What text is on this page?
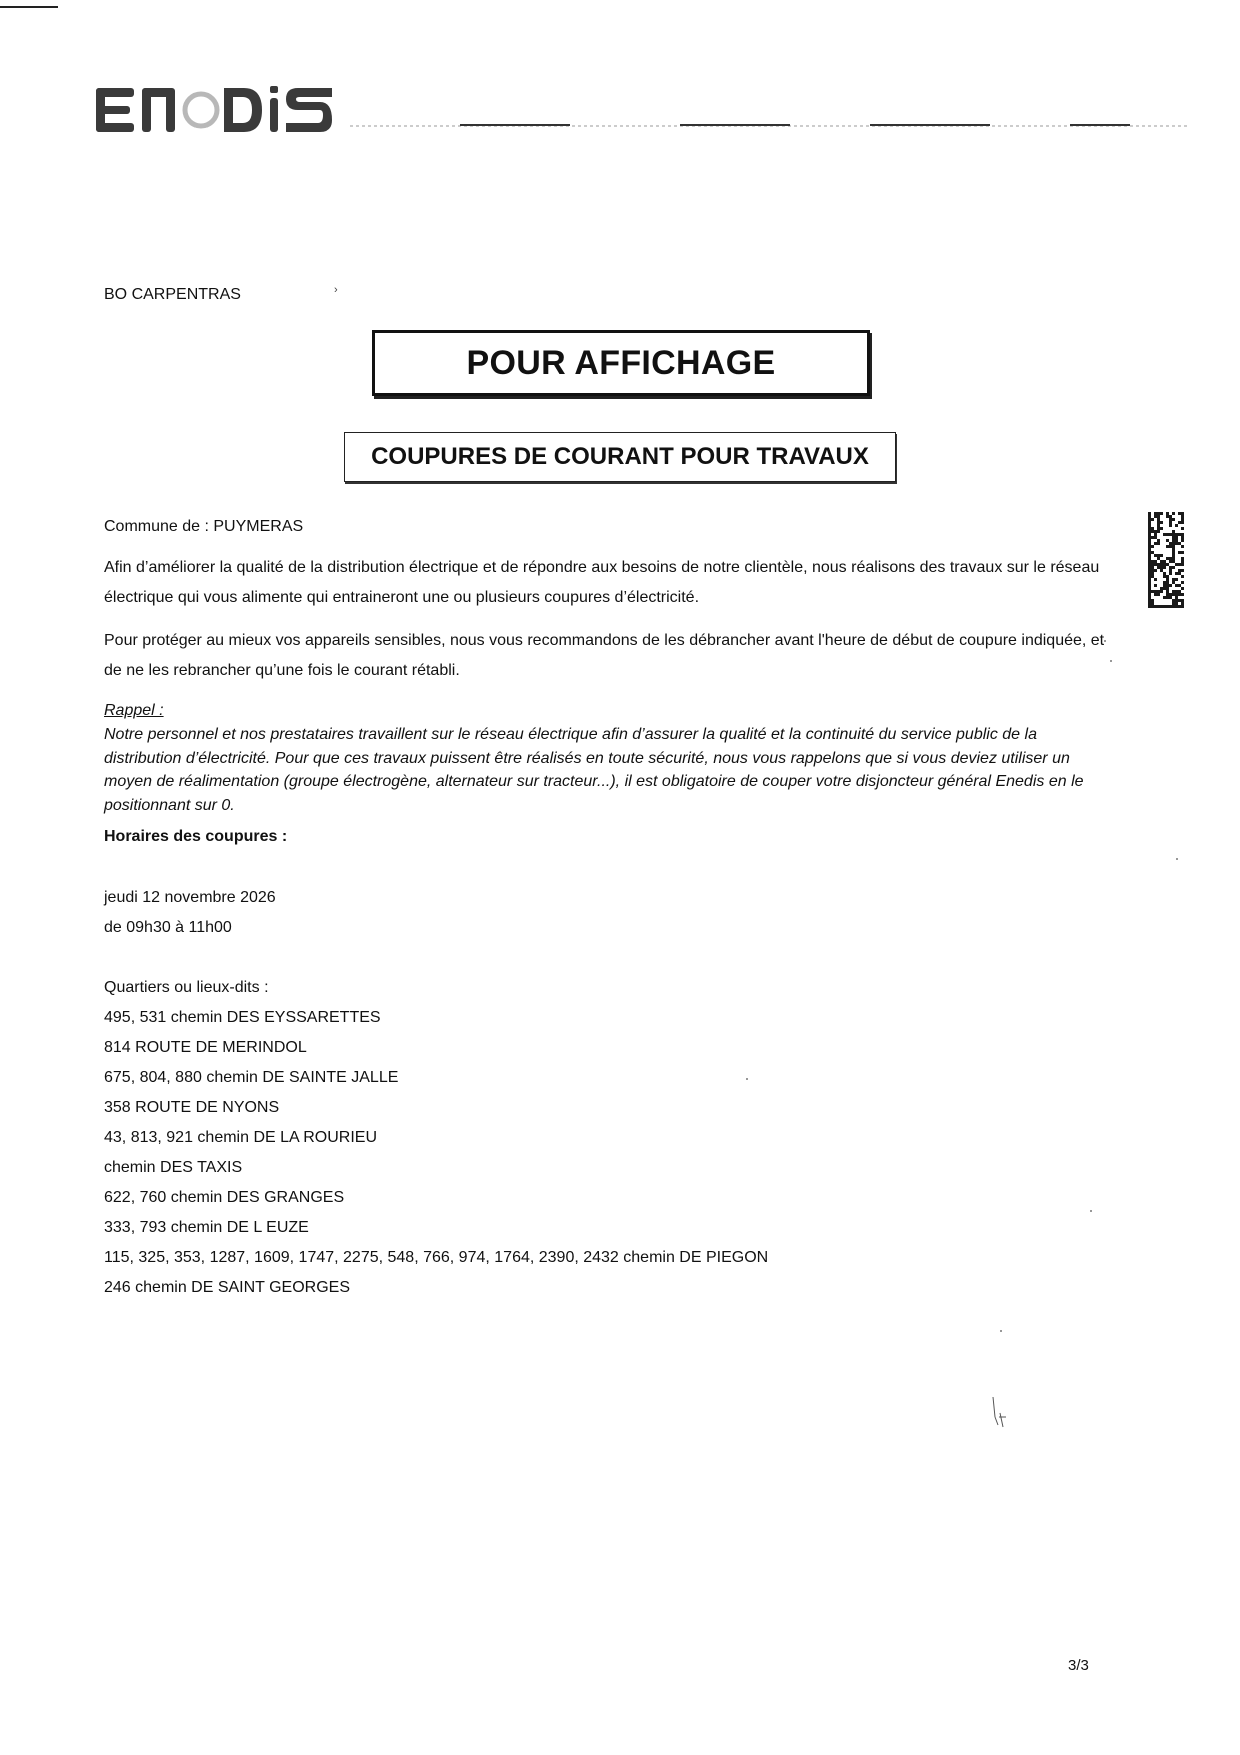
BO CARPENTRAS	›
POUR AFFICHAGE
COUPURES DE COURANT POUR TRAVAUX
Commune de : PUYMERAS
Afin d’améliorer la qualité de la distribution électrique et de répondre aux besoins de notre clientèle, nous réalisons des travaux sur le réseau électrique qui vous alimente qui entraineront une ou plusieurs coupures d’électricité.
Pour protéger au mieux vos appareils sensibles, nous vous recommandons de les débrancher avant l'heure de début de coupure indiquée, et de ne les rebrancher qu’une fois le courant rétabli.
Rappel :
Notre personnel et nos prestataires travaillent sur le réseau électrique afin d’assurer la qualité et la continuité du service public de la distribution d’électricité. Pour que ces travaux puissent être réalisés en toute sécurité, nous vous rappelons que si vous deviez utiliser un moyen de réalimentation (groupe électrogène, alternateur sur tracteur...), il est obligatoire de couper votre disjoncteur général Enedis en le positionnant sur 0.
Horaires des coupures :
jeudi 12 novembre 2026
de 09h30 à 11h00
Quartiers ou lieux-dits :
495, 531 chemin DES EYSSARETTES
814 ROUTE DE MERINDOL
675, 804, 880 chemin DE SAINTE JALLE
358 ROUTE DE NYONS
43, 813, 921 chemin DE LA ROURIEU
chemin DES TAXIS
622, 760 chemin DES GRANGES
333, 793 chemin DE L EUZE
115, 325, 353, 1287, 1609, 1747, 2275, 548, 766, 974, 1764, 2390, 2432 chemin DE PIEGON
246 chemin DE SAINT GEORGES
3/3
